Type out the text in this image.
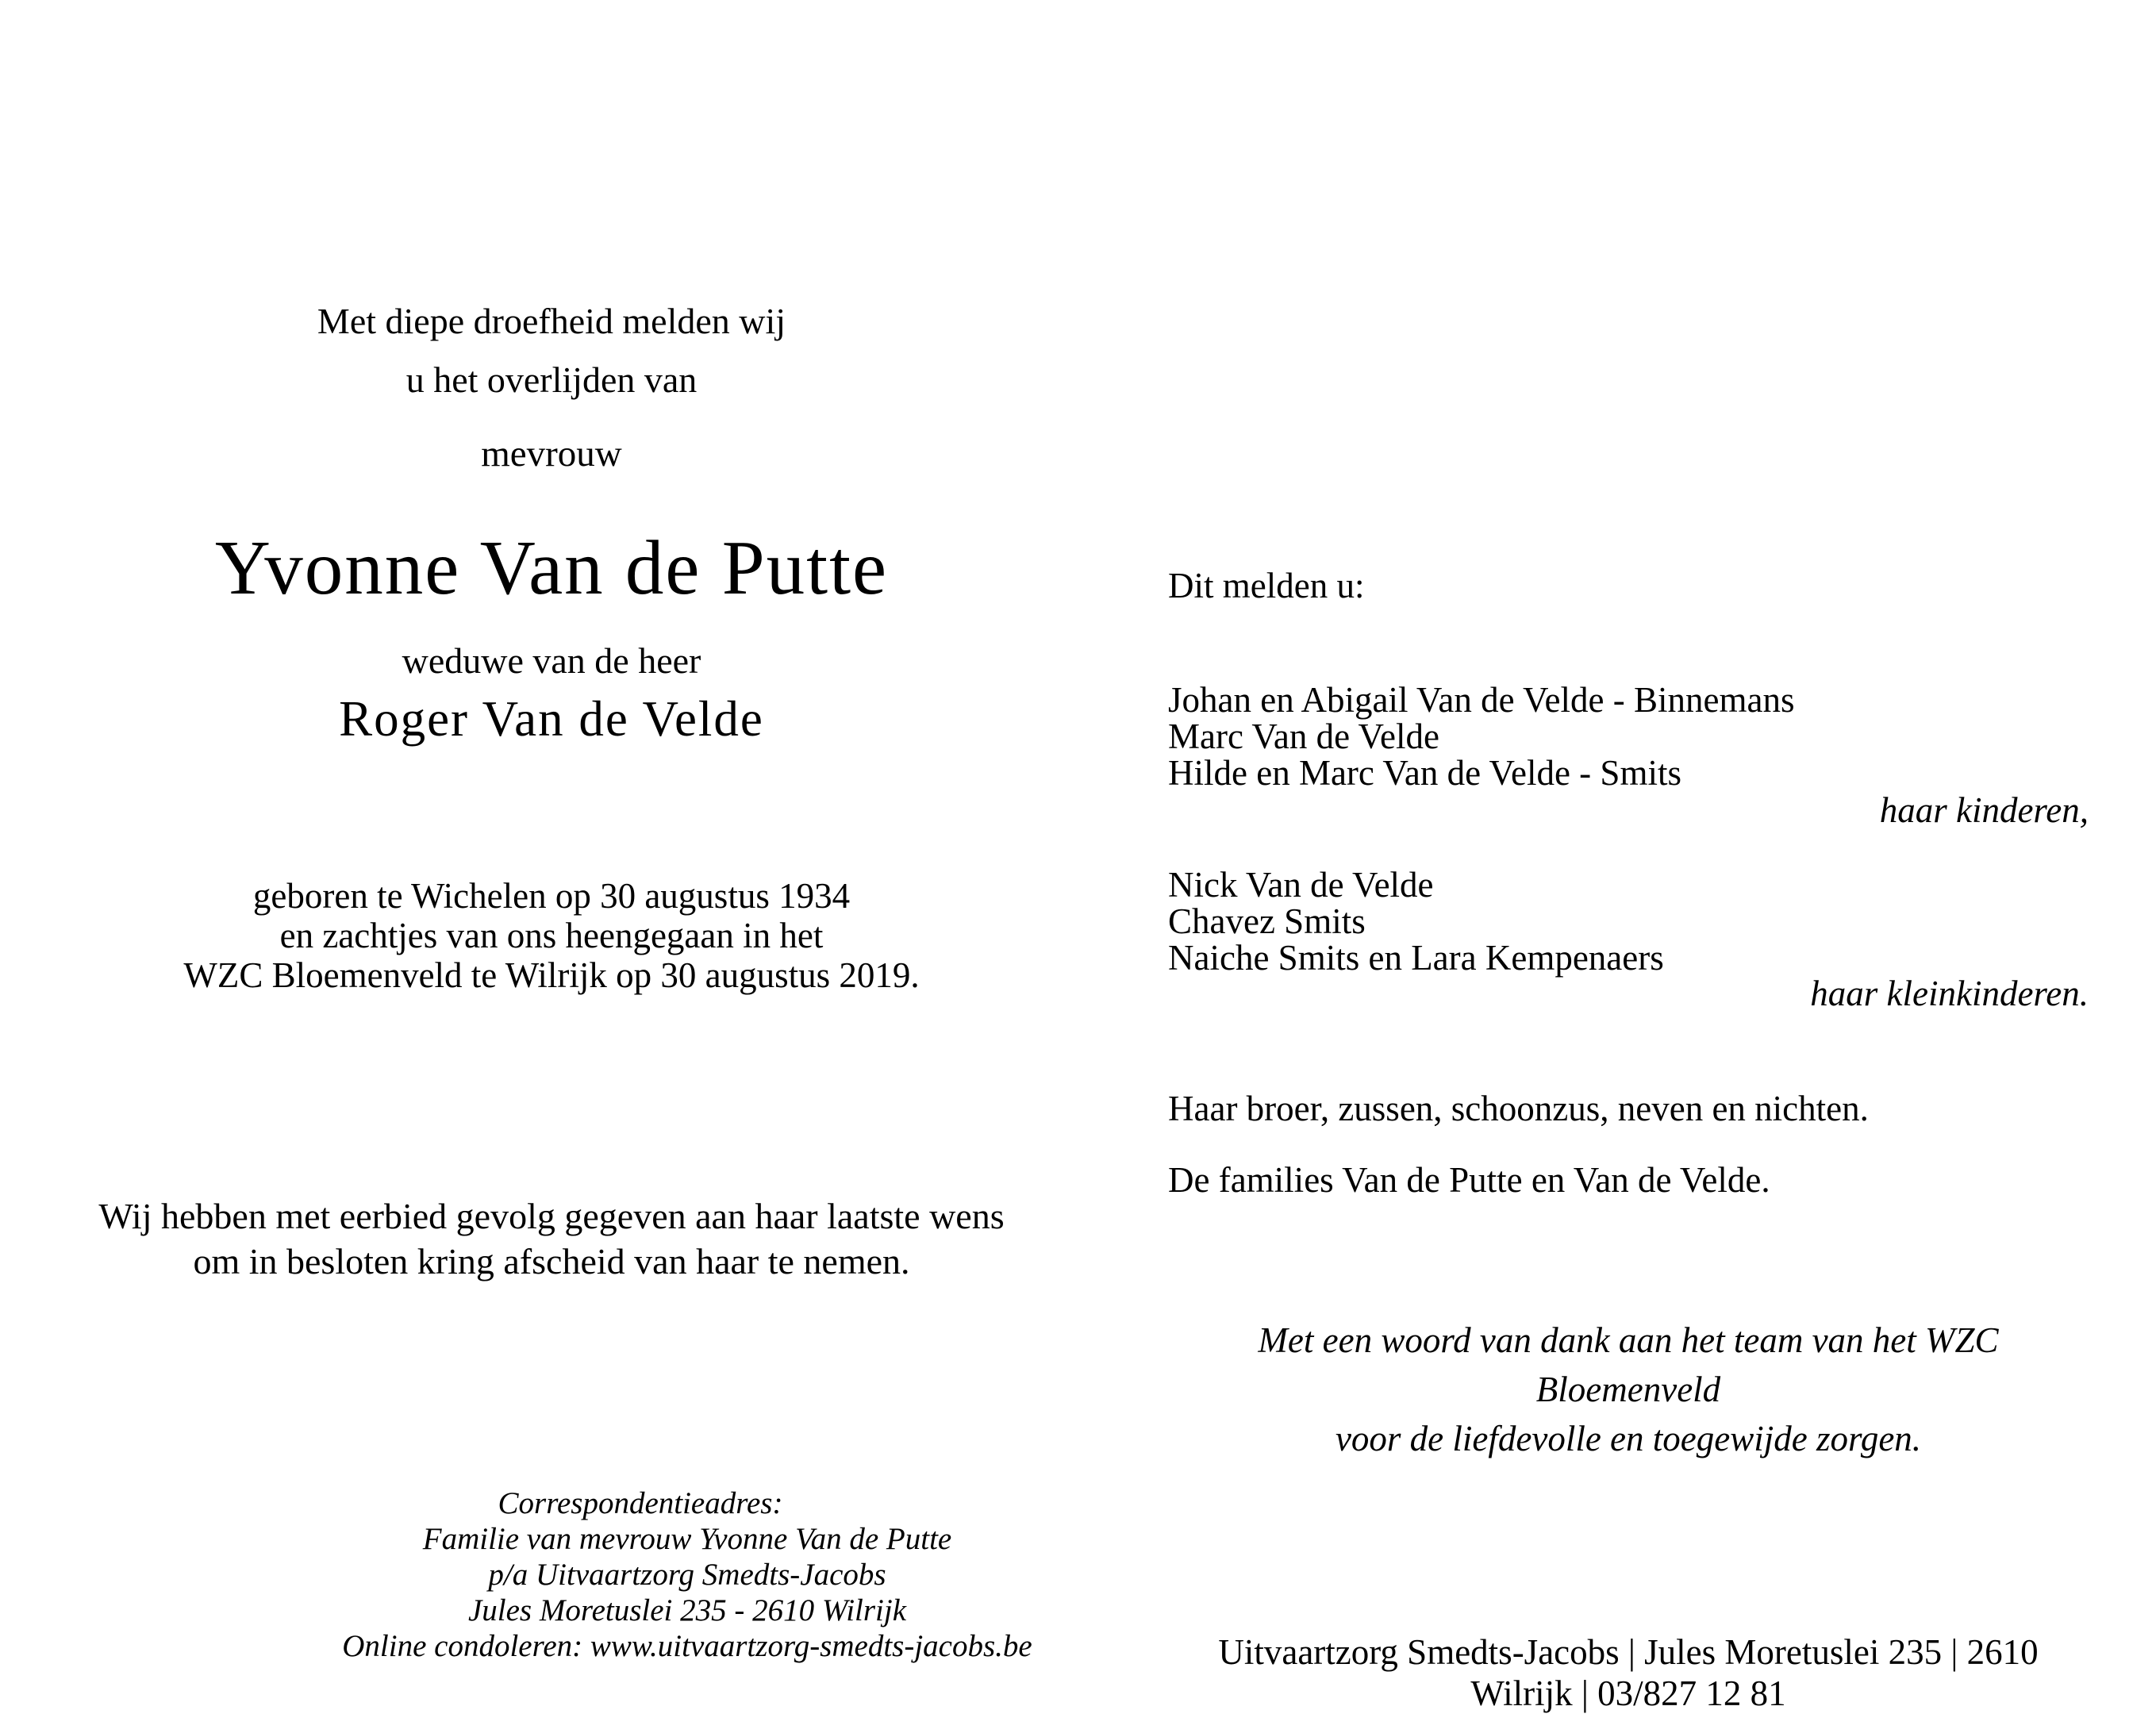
Met diepe droefheid melden wij
u het overlijden van
mevrouw
Yvonne Van de Putte
weduwe van de heer
Roger Van de Velde
geboren te Wichelen op 30 augustus 1934
en zachtjes van ons heengegaan in het
WZC Bloemenveld te Wilrijk op 30 augustus 2019.
Wij hebben met eerbied gevolg gegeven aan haar laatste wens
om in besloten kring afscheid van haar te nemen.
Correspondentieadres:
Familie van mevrouw Yvonne Van de Putte
p/a Uitvaartzorg Smedts-Jacobs
Jules Moretuslei 235 - 2610 Wilrijk
Online condoleren: www.uitvaartzorg-smedts-jacobs.be
Dit melden u:
Johan en Abigail Van de Velde - Binnemans
Marc Van de Velde
Hilde en Marc Van de Velde - Smits
haar kinderen,
Nick Van de Velde
Chavez Smits
Naiche Smits en Lara Kempenaers
haar kleinkinderen.
Haar broer, zussen, schoonzus, neven en nichten.
De families Van de Putte en Van de Velde.
Met een woord van dank aan het team van het WZC Bloemenveld
voor de liefdevolle en toegewijde zorgen.
Uitvaartzorg Smedts-Jacobs | Jules Moretuslei 235 | 2610 Wilrijk | 03/827 12 81
